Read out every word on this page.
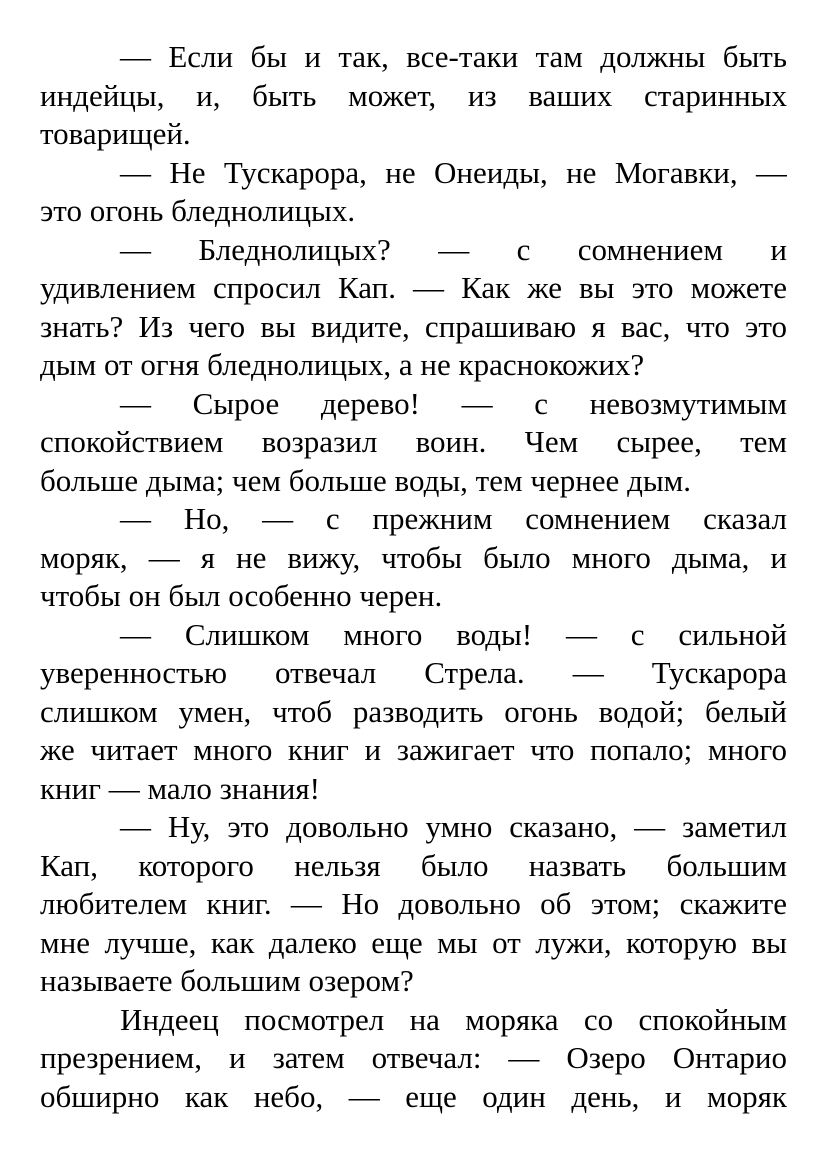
— Если бы и так, все-таки там должны быть
индейцы, и, быть может, из ваших старинных
товарищей.
— Не Тускарора, не Онеиды, не Могавки, —
это огонь бледнолицых.
— Бледнолицых? — с сомнением и
удивлением спросил Кап. — Как же вы это можете
знать? Из чего вы видите, спрашиваю я вас, что это
дым от огня бледнолицых, а не краснокожих?
— Сырое дерево! — с невозмутимым
спокойствием возразил воин. Чем сырее, тем
больше дыма; чем больше воды, тем чернее дым.
— Но, — с прежним сомнением сказал
моряк, — я не вижу, чтобы было много дыма, и
чтобы он был особенно черен.
— Слишком много воды! — с сильной
уверенностью отвечал Стрела. — Тускарора
слишком умен, чтоб разводить огонь водой; белый
же читает много книг и зажигает что попало; много
книг — мало знания!
— Ну, это довольно умно сказано, — заметил
Кап, которого нельзя было назвать большим
любителем книг. — Но довольно об этом; скажите
мне лучше, как далеко еще мы от лужи, которую вы
называете большим озером?
Индеец посмотрел на моряка со спокойным
презрением, и затем отвечал: — Озеро Онтарио
обширно как небо, — еще один день, и моряк
